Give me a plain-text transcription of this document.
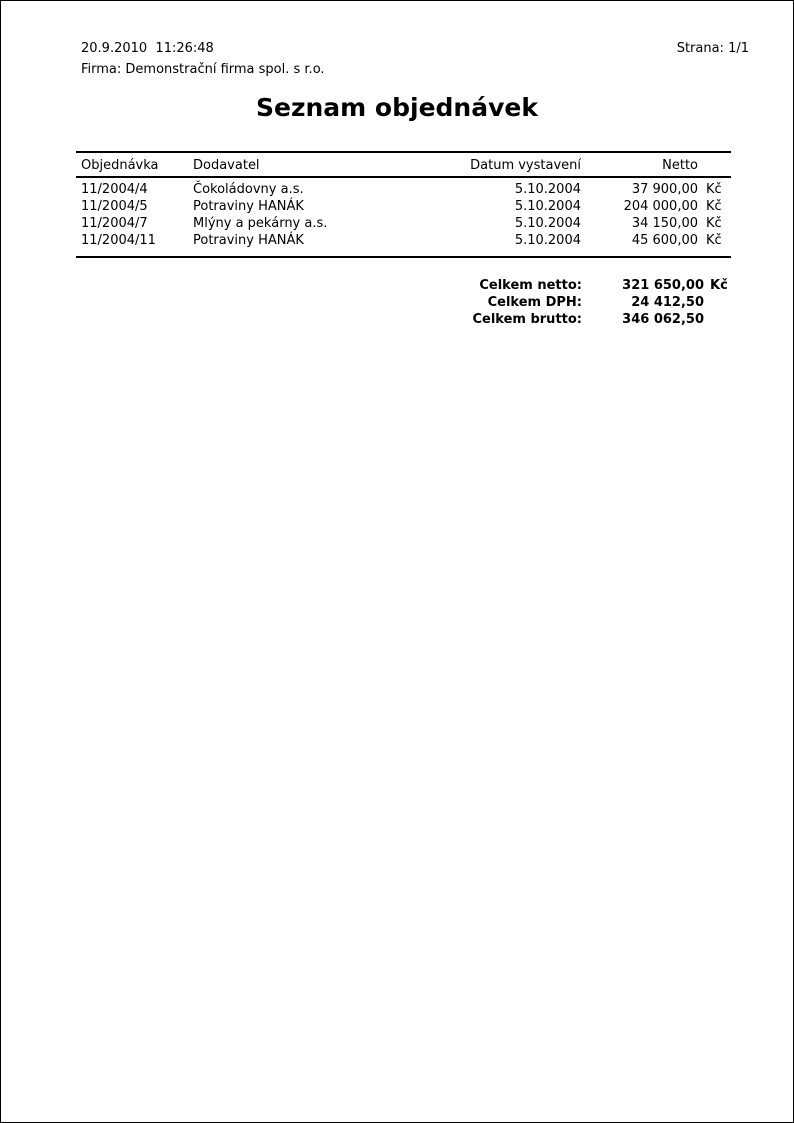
20.9.2010  11:26:48
Firma: Demonstrační firma spol. s r.o.
Strana: 1/1
Seznam objednávek
Objednávka	Dodavatel	Datum vystavení	Netto
11/2004/4	Čokoládovny a.s.	5.10.2004	37 900,00 Kč
11/2004/5	Potraviny HANÁK	5.10.2004	204 000,00 Kč
11/2004/7	Mlýny a pekárny a.s.	5.10.2004	34 150,00 Kč
11/2004/11	Potraviny HANÁK	5.10.2004	45 600,00 Kč
Celkem netto:	321 650,00 Kč
Celkem DPH:	24 412,50
Celkem brutto:	346 062,50
